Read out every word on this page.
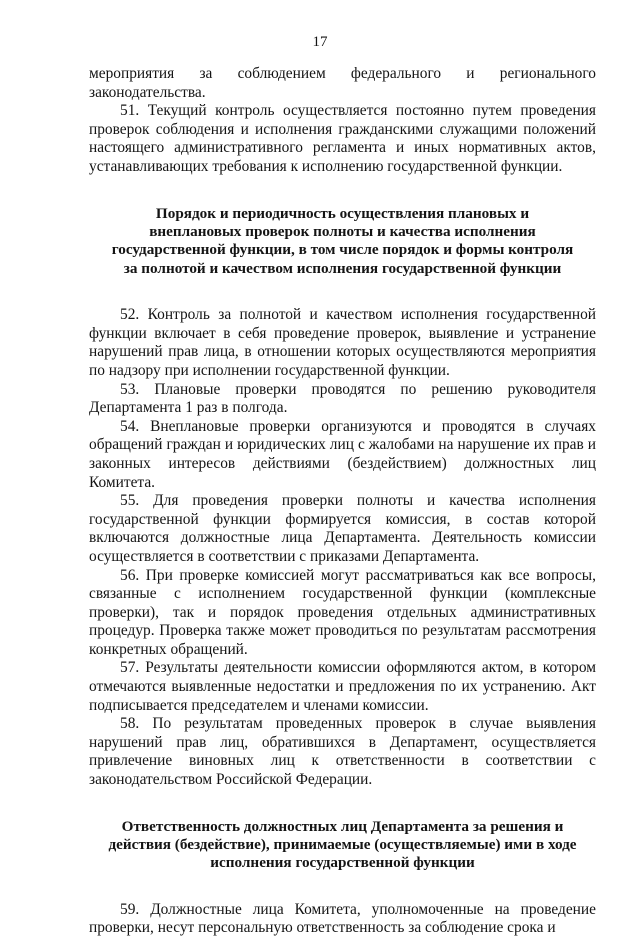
17

мероприятия за соблюдением федерального и регионального законодательства.

51. Текущий контроль осуществляется постоянно путем проведения проверок соблюдения и исполнения гражданскими служащими положений настоящего административного регламента и иных нормативных актов, устанавливающих требования к исполнению государственной функции.

Порядок и периодичность осуществления плановых и
внеплановых проверок полноты и качества исполнения
государственной функции, в том числе порядок и формы контроля
за полнотой и качеством исполнения государственной функции

52. Контроль за полнотой и качеством исполнения государственной функции включает в себя проведение проверок, выявление и устранение нарушений прав лица, в отношении которых осуществляются мероприятия по надзору при исполнении государственной функции.

53. Плановые проверки проводятся по решению руководителя Департамента 1 раз в полгода.

54. Внеплановые проверки организуются и проводятся в случаях обращений граждан и юридических лиц с жалобами на нарушение их прав и законных интересов действиями (бездействием) должностных лиц Комитета.

55. Для проведения проверки полноты и качества исполнения государственной функции формируется комиссия, в состав которой включаются должностные лица Департамента. Деятельность комиссии осуществляется в соответствии с приказами Департамента.

56. При проверке комиссией могут рассматриваться как все вопросы, связанные с исполнением государственной функции (комплексные проверки), так и порядок проведения отдельных административных процедур. Проверка также может проводиться по результатам рассмотрения конкретных обращений.

57. Результаты деятельности комиссии оформляются актом, в котором отмечаются выявленные недостатки и предложения по их устранению. Акт подписывается председателем и членами комиссии.

58. По результатам проведенных проверок в случае выявления нарушений прав лиц, обратившихся в Департамент, осуществляется привлечение виновных лиц к ответственности в соответствии с законодательством Российской Федерации.

Ответственность должностных лиц Департамента за решения и
действия (бездействие), принимаемые (осуществляемые) ими в ходе
исполнения государственной функции

59. Должностные лица Комитета, уполномоченные на проведение проверки, несут персональную ответственность за соблюдение срока и
